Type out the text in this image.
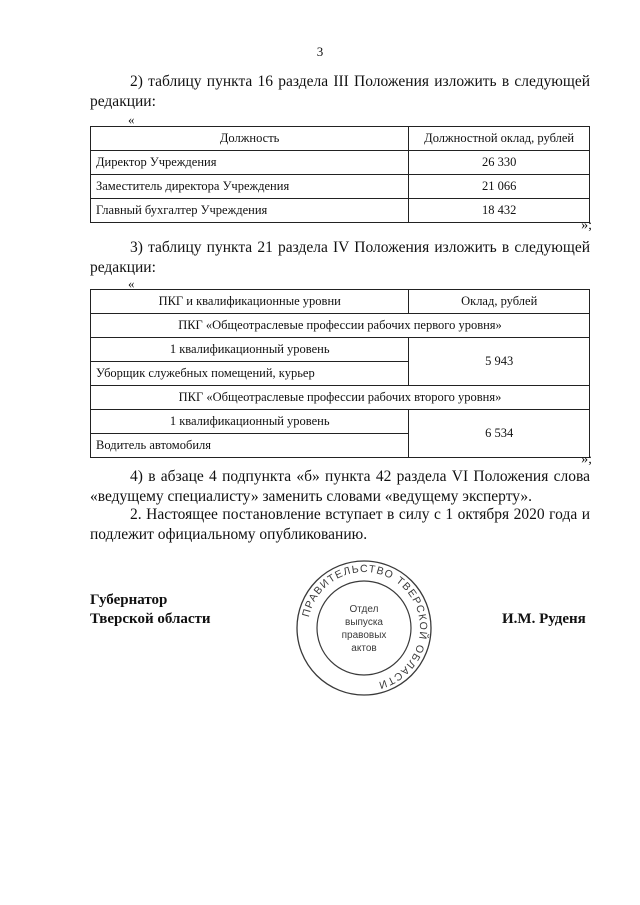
3
2) таблицу пункта 16 раздела III Положения изложить в следующей редакции:
«
Должность	Должностной оклад, рублей
Директор Учреждения	26 330
Заместитель директора Учреждения	21 066
Главный бухгалтер Учреждения	18 432
»;
3) таблицу пункта 21 раздела IV Положения изложить в следующей редакции:
«
ПКГ и квалификационные уровни	Оклад, рублей
ПКГ «Общеотраслевые профессии рабочих первого уровня»	
1 квалификационный уровень	5 943
Уборщик служебных помещений, курьер	
ПКГ «Общеотраслевые профессии рабочих второго уровня»	
1 квалификационный уровень	6 534
Водитель автомобиля	
»;
4) в абзаце 4 подпункта «б» пункта 42 раздела VI Положения слова «ведущему специалисту» заменить словами «ведущему эксперту».
2. Настоящее постановление вступает в силу с 1 октября 2020 года и подлежит официальному опубликованию.
Губернатор
Тверской области	И.М. Руденя
ПРАВИТЕЛЬСТВО ТВЕРСКОЙ ОБЛАСТИ
Отдел
выпуска
правовых
актов
